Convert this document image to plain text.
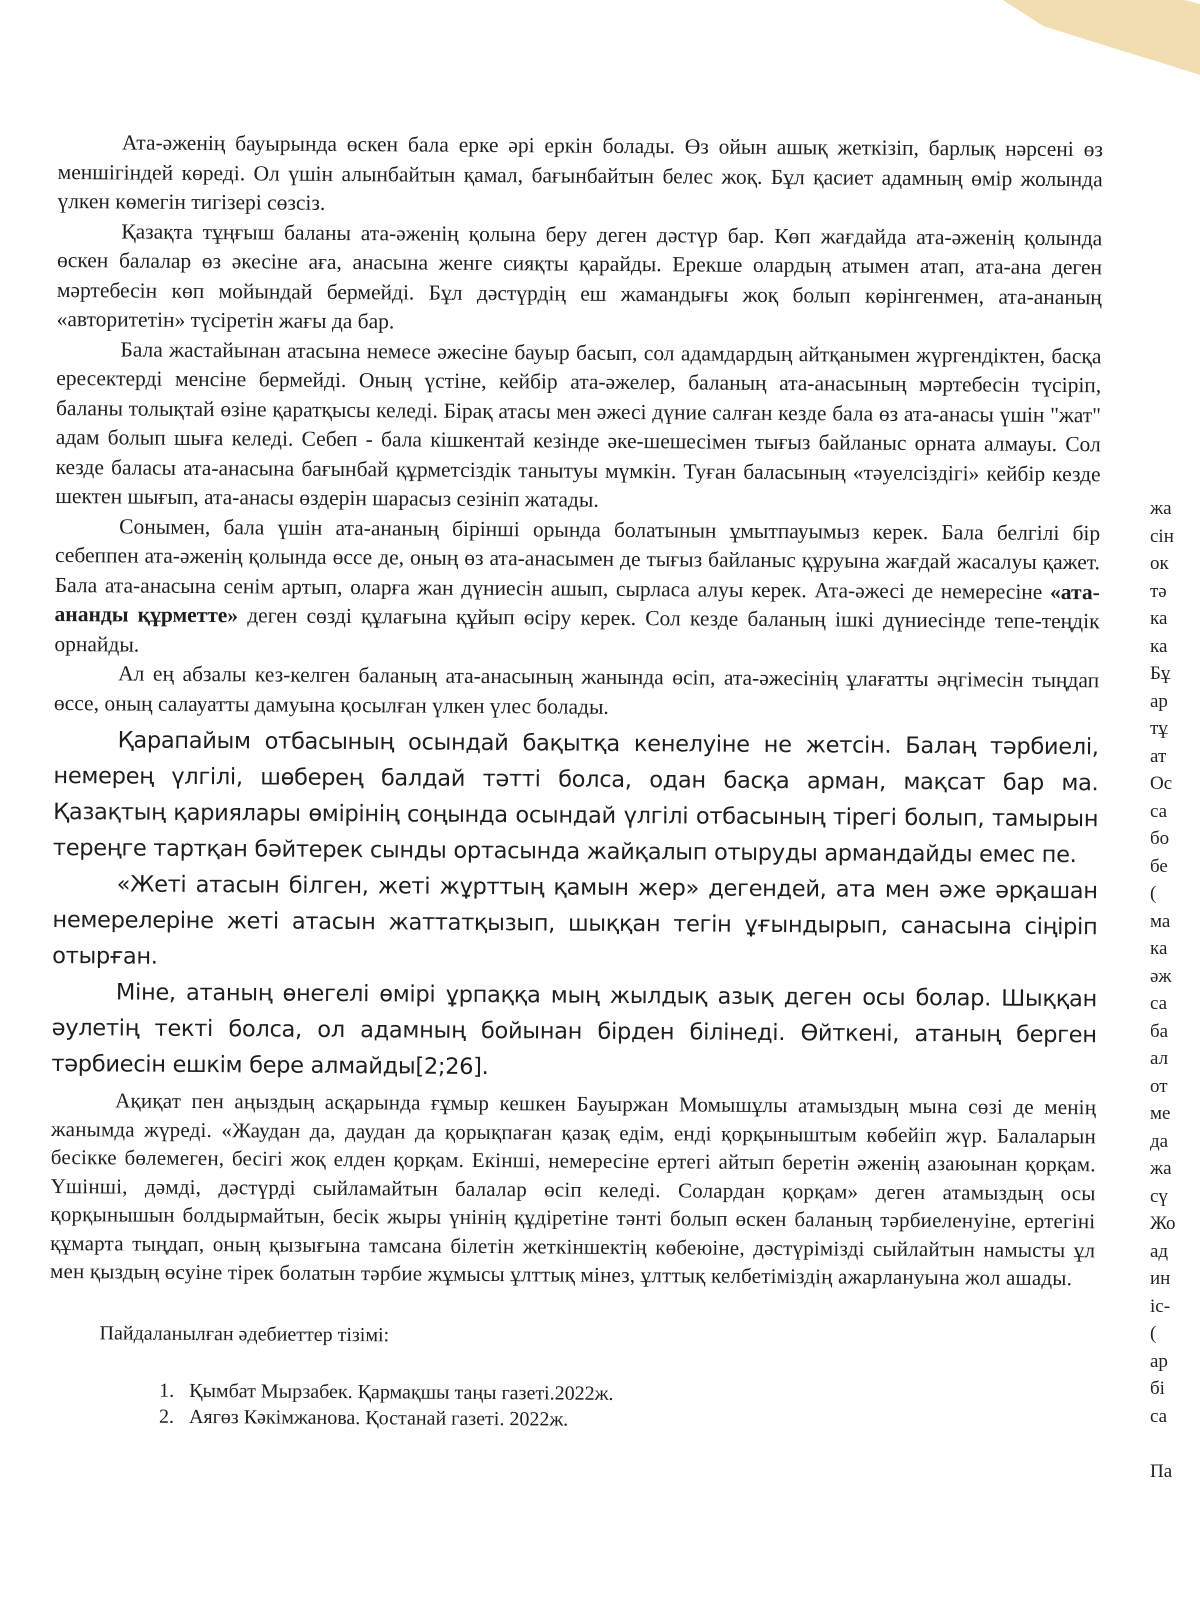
Ата-әженің бауырында өскен бала ерке әрі еркін болады. Өз ойын ашық жеткізіп, барлық нәрсені өз меншігіндей көреді. Ол үшін алынбайтын қамал, бағынбайтын белес жоқ. Бұл қасиет адамның өмір жолында үлкен көмегін тигізері сөзсіз.

Қазақта тұңғыш баланы ата-әженің қолына беру деген дәстүр бар. Көп жағдайда ата-әженің қолында өскен балалар өз әкесіне аға, анасына женге сияқты қарайды. Ерекше олардың атымен атап, ата-ана деген мәртебесін көп мойындай бермейді. Бұл дәстүрдің еш жамандығы жоқ болып көрінгенмен, ата-ананың «авторитетін» түсіретін жағы да бар.

Бала жастайынан атасына немесе әжесіне бауыр басып, сол адамдардың айтқанымен жүргендіктен, басқа ересектерді менсіне бермейді. Оның үстіне, кейбір ата-әжелер, баланың ата-анасының мәртебесін түсіріп, баланы толықтай өзіне қаратқысы келеді. Бірақ атасы мен әжесі дүние салған кезде бала өз ата-анасы үшін "жат" адам болып шыға келеді. Себеп - бала кішкентай кезінде әке-шешесімен тығыз байланыс орната алмауы. Сол кезде баласы ата-анасына бағынбай құрметсіздік танытуы мүмкін. Туған баласының «тәуелсіздігі» кейбір кезде шектен шығып, ата-анасы өздерін шарасыз сезініп жатады.

Сонымен, бала үшін ата-ананың бірінші орында болатынын ұмытпауымыз керек. Бала белгілі бір себеппен ата-әженің қолында өссе де, оның өз ата-анасымен де тығыз байланыс құруына жағдай жасалуы қажет. Бала ата-анасына сенім артып, оларға жан дүниесін ашып, сырласа алуы керек. Ата-әжесі де немересіне «ата-ананды құрметте» деген сөзді құлағына құйып өсіру керек. Сол кезде баланың ішкі дүниесінде тепе-теңдік орнайды.

Ал ең абзалы кез-келген баланың ата-анасының жанында өсіп, ата-әжесінің ұлағатты әңгімесін тыңдап өссе, оның салауатты дамуына қосылған үлкен үлес болады.

Қарапайым отбасының осындай бақытқа кенелуіне не жетсін. Балаң тәрбиелі, немерең үлгілі, шөберең балдай тәтті болса, одан басқа арман, мақсат бар ма. Қазақтың қариялары өмірінің соңында осындай үлгілі отбасының тірегі болып, тамырын тереңге тартқан бәйтерек сынды ортасында жайқалып отыруды армандайды емес пе.

«Жеті атасын білген, жеті жұрттың қамын жер» дегендей, ата мен әже әрқашан немерелеріне жеті атасын жаттатқызып, шыққан тегін ұғындырып, санасына сіңіріп отырған.

Міне, атаның өнегелі өмірі ұрпаққа мың жылдық азық деген осы болар. Шыққан әулетің текті болса, ол адамның бойынан бірден білінеді. Өйткені, атаның берген тәрбиесін ешкім бере алмайды[2;26].

Ақиқат пен аңыздың асқарында ғұмыр кешкен Бауыржан Момышұлы атамыздың мына сөзі де менің жанымда жүреді. «Жаудан да, даудан да қорықпаған қазақ едім, енді қорқыныштым көбейіп жүр. Балаларын бесікке бөлемеген, бесігі жоқ елден қорқам. Екінші, немересіне ертегі айтып беретін әженің азаюынан қорқам. Үшінші, дәмді, дәстүрді сыйламайтын балалар өсіп келеді. Солардан қорқам» деген атамыздың осы қорқынышын болдырмайтын, бесік жыры үнінің құдіретіне тәнті болып өскен баланың тәрбиеленуіне, ертегіні құмарта тыңдап, оның қызығына тамсана білетін жеткіншектің көбеюіне, дәстүрімізді сыйлайтын намысты ұл мен қыздың өсуіне тірек болатын тәрбие жұмысы ұлттық мінез, ұлттық келбетіміздің ажарлануына жол ашады.

Пайдаланылған әдебиеттер тізімі:
1. Қымбат Мырзабек. Қармақшы таңы газеті.2022ж.
2. Аягөз Кәкімжанова. Қостанай газеті. 2022ж.
жа
сін
ок
тә
ка
ка
Бұ
ар
тұ
ат
Ос
са
бо
бе
(
ма
ка
әж
са
ба
ал
от
ме
да
жа
сү
Жо
ад
ин
іс-
(
ар
бі
са
Па
